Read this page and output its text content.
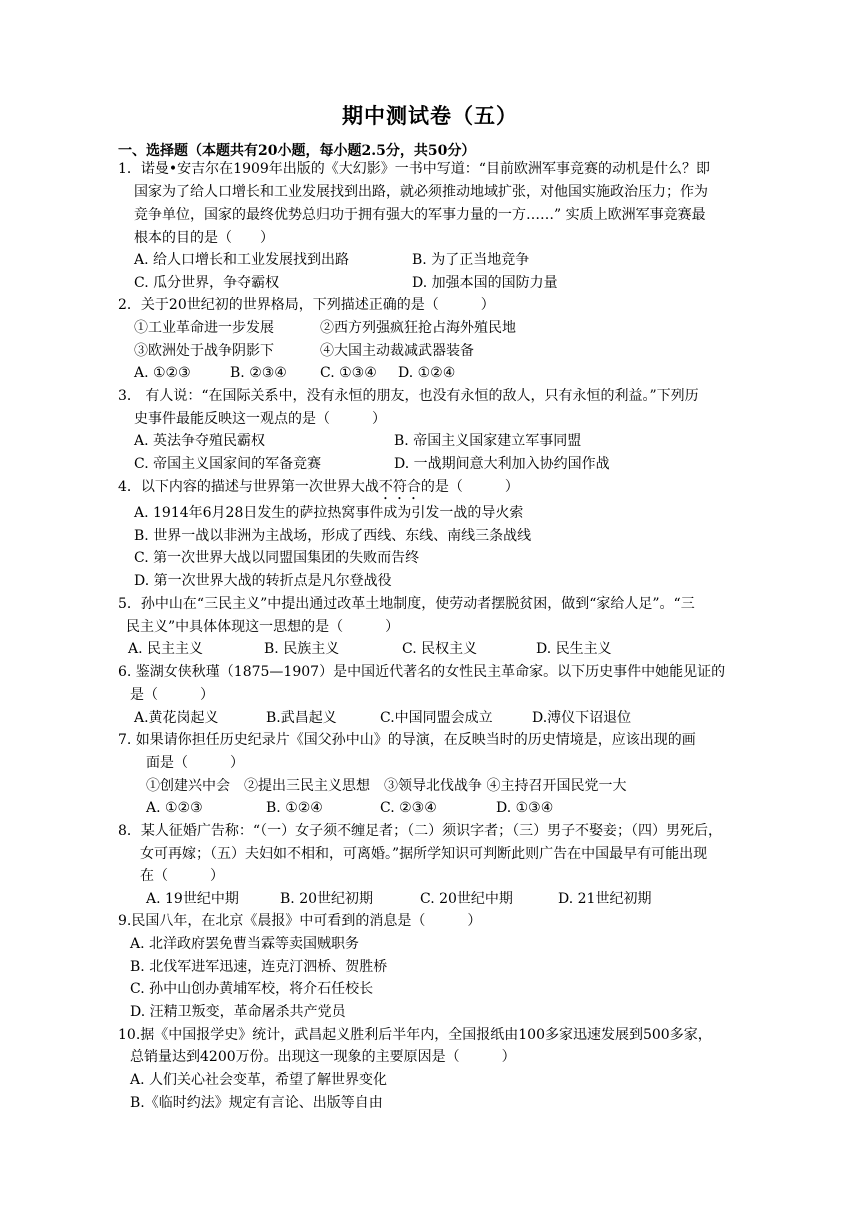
期中测试卷（五）
一、选择题（本题共有20小题，每小题2.5分，共50分）
1．诺曼•安吉尔在1909年出版的《大幻影》一书中写道：“目前欧洲军事竞赛的动机是什么？即
国家为了给人口增长和工业发展找到出路，就必须推动地域扩张，对他国实施政治压力；作为
竞争单位，国家的最终优势总归功于拥有强大的军事力量的一方……” 实质上欧洲军事竞赛最
根本的目的是（　　）
A. 给人口增长和工业发展找到出路	B. 为了正当地竞争
C. 瓜分世界，争夺霸权	D. 加强本国的国防力量
2．关于20世纪初的世界格局，下列描述正确的是（　　　）
①工业革命进一步发展	②西方列强疯狂抢占海外殖民地
③欧洲处于战争阴影下	④大国主动裁减武器装备
A. ①②③	B. ②③④ C. ①③④ D. ①②④
3． 有人说：“在国际关系中，没有永恒的朋友，也没有永恒的敌人，只有永恒的利益。”下列历
史事件最能反映这一观点的是（　　　）
A. 英法争夺殖民霸权	B. 帝国主义国家建立军事同盟
C. 帝国主义国家间的军备竞赛	D. 一战期间意大利加入协约国作战
4．以下内容的描述与世界第一次世界大战不符合的是（　　　）
A. 1914年6月28日发生的萨拉热窝事件成为引发一战的导火索
B. 世界一战以非洲为主战场，形成了西线、东线、南线三条战线
C. 第一次世界大战以同盟国集团的失败而告终
D. 第一次世界大战的转折点是凡尔登战役
5．孙中山在“三民主义”中提出通过改革土地制度，使劳动者摆脱贫困，做到“家给人足”。“三
民主义”中具体体现这一思想的是（　　　）
A. 民主主义	B. 民族主义	C. 民权主义	D. 民生主义
6. 鉴湖女侠秋瑾（1875—1907）是中国近代著名的女性民主革命家。以下历史事件中她能见证的
是（　　　）
A.黄花岗起义	B.武昌起义	C.中国同盟会成立	D.溥仪下诏退位
7. 如果请你担任历史纪录片《国父孙中山》的导演，在反映当时的历史情境是，应该出现的画
面是（　　　）
①创建兴中会　②提出三民主义思想　③领导北伐战争 ④主持召开国民党一大
A. ①②③	B. ①②④	C. ②③④	D. ①③④
8．某人征婚广告称：“（一）女子须不缠足者；（二）须识字者；（三）男子不娶妾；（四）男死后，
女可再嫁；（五）夫妇如不相和，可离婚。”据所学知识可判断此则广告在中国最早有可能出现
在（　　　）
A. 19世纪中期	B. 20世纪初期	C. 20世纪中期	D. 21世纪初期
9.民国八年，在北京《晨报》中可看到的消息是（　　　）
A. 北洋政府罢免曹当霖等卖国贼职务
B. 北伐军进军迅速，连克汀泗桥、贺胜桥
C. 孙中山创办黄埔军校，将介石任校长
D. 汪精卫叛变，革命屠杀共产党员
10.据《中国报学史》统计，武昌起义胜利后半年内，全国报纸由100多家迅速发展到500多家，
总销量达到4200万份。出现这一现象的主要原因是（　　　）
A. 人们关心社会变革，希望了解世界变化
B.《临时约法》规定有言论、出版等自由
